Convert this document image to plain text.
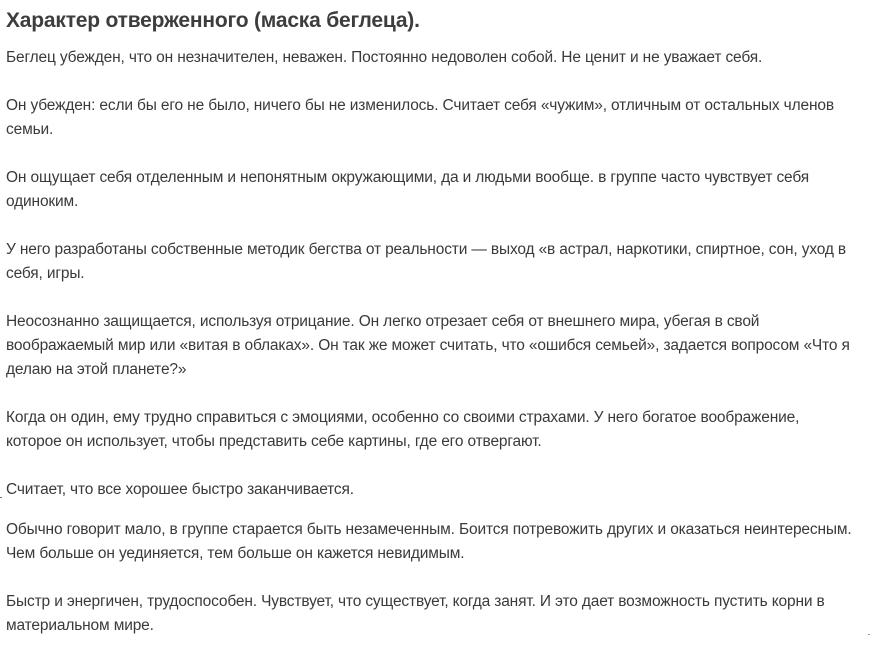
Характер отверженного (маска беглеца).

Беглец убежден, что он незначителен, неважен. Постоянно недоволен собой. Не ценит и не уважает себя.

Он убежден: если бы его не было, ничего бы не изменилось. Считает себя «чужим», отличным от остальных членов семьи.

Он ощущает себя отделенным и непонятным окружающими, да и людьми вообще. в группе часто чувствует себя одиноким.

У него разработаны собственные методик бегства от реальности — выход «в астрал, наркотики, спиртное, сон, уход в себя, игры.

Неосознанно защищается, используя отрицание. Он легко отрезает себя от внешнего мира, убегая в свой воображаемый мир или «витая в облаках». Он так же может считать, что «ошибся семьей», задается вопросом «Что я делаю на этой планете?»

Когда он один, ему трудно справиться с эмоциями, особенно со своими страхами. У него богатое воображение, которое он использует, чтобы представить себе картины, где его отвергают.

Считает, что все хорошее быстро заканчивается.

Обычно говорит мало, в группе старается быть незамеченным. Боится потревожить других и оказаться неинтересным. Чем больше он уединяется, тем больше он кажется невидимым.

Быстр и энергичен, трудоспособен. Чувствует, что существует, когда занят. И это дает возможность пустить корни в материальном мире.
